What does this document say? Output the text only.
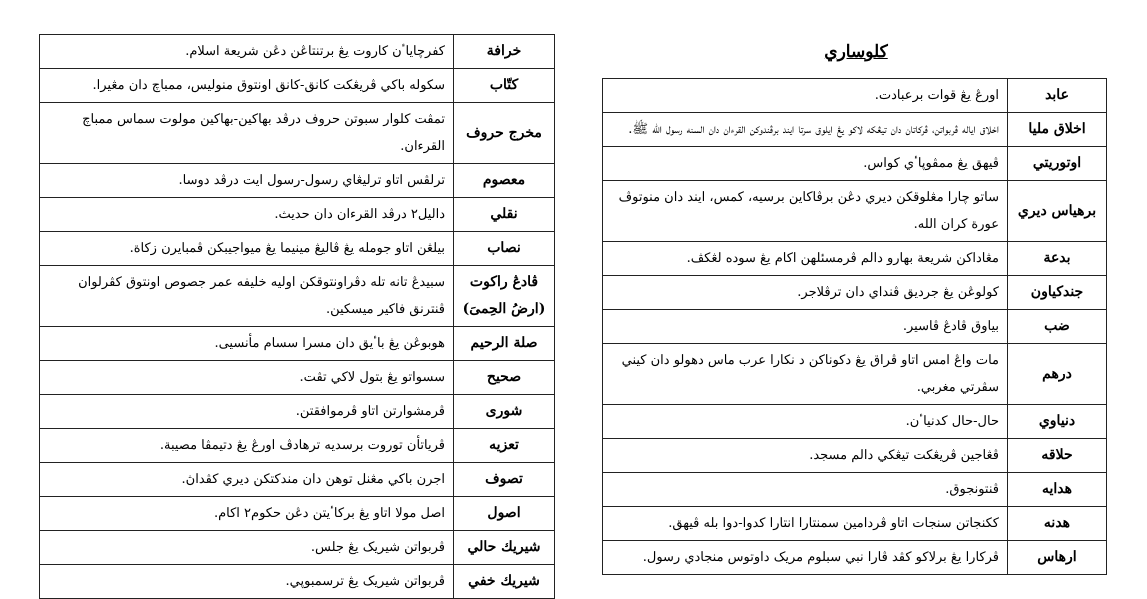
كلوساري
خرافة	كفرچاياٴن كاروت يڠ برتنتاڠن دڠن شريعة اسلام.
كتّاب	سكوله باكي ڤريڠكت كانق-كانق اونتوق منوليس، ممباچ دان مڠيرا.
مخرج حروف	تمڤت كلوار سبوتن حروف درڤد بهاكين-بهاكين مولوت سماس ممباچ القرءان.
معصوم	ترلڤس اتاو ترليڠاي رسول-رسول ايت درڤد دوسا.
نقلي	داليل٢ درڤد القرءان دان حديث.
نصاب	بيلڠن اتاو جومله يڠ ڤاليڠ مينيما يڠ ميواجيبكن ڤمبايرن زكاة.
ڤادڠ راكوت (ارضُ الحِمىَ)	سبيدڠ تانه تله دڤراونتوقكن اوليه خليفه عمر جصوص اونتوق كڤرلوان ڤنترنق فاكير ميسكين.
صلة الرحيم	هوبوڠن يڠ باٴيق دان مسرا سسام مأنسيى.
صحيح	سسواتو يڠ بتول لاكي تڤت.
شورى	ڤرمشوارتن اتاو ڤرموافقتن.
تعزيه	ڤرياتأن توروت برسديه ترهادڤ اورڠ يڠ دتيمڤا مصيبة.
تصوف	اجرن باكي مڠنل توهن دان مندكتكن ديري كڤداڽ.
اصول	اصل مولا اتاو يڠ بركاٴيتن دڠن حكوم٢ اكام.
شيريك حالي	ڤربواتن شيريک يڠ جلس.
شيريك خفي	ڤربواتن شيريک يڠ ترسمبوڽي.
عابد	اورڠ يڠ قوات برعبادت.
اخلاق مليا	اخلاق اياله ڤربواتن، ڤركاتان دان تيڠکه لاكو يڠ ايلوق سرتا ايند برڤندوكن القرءان دان السنه رسول الله ﷺ.
اوتوريتي	ڤيهق يڠ ممڤوڽاٴي كواس.
برهياس ديري	ساتو چارا مڠلوقكن ديري دڠن برڤاكاين برسيه، كمس، ايند دان منوتوڤ عورة كران الله.
بدعة	مڠاداكن شريعة بهارو دالم ڤرمسئلهن اكام يڠ سوده لڠكڤ.
جندكياون	كولوڠن يڠ جرديق ڤنداي دان ترڤلاجر.
ضب	بياوق ڤادڠ ڤاسير.
درهم	مات واڠ امس اتاو ڤراق يڠ دكوناكن د نكارا عرب ماس دهولو دان كيني سڤرتي مغربي.
دنياوي	حال-حال كدنياٴن.
حلاقه	ڤڠاجين ڤريڠکت تيڠکي دالم مسجد.
هدايه	ڤنتونجوق.
هدنه	ككنجاتن سنجات اتاو ڤردامين سمنتارا انتارا كدوا-دوا بله ڤيهق.
ارهاس	ڤركارا يڠ برلاكو كڤد ڤارا نبي سبلوم مريک داوتوس منجادي رسول.
